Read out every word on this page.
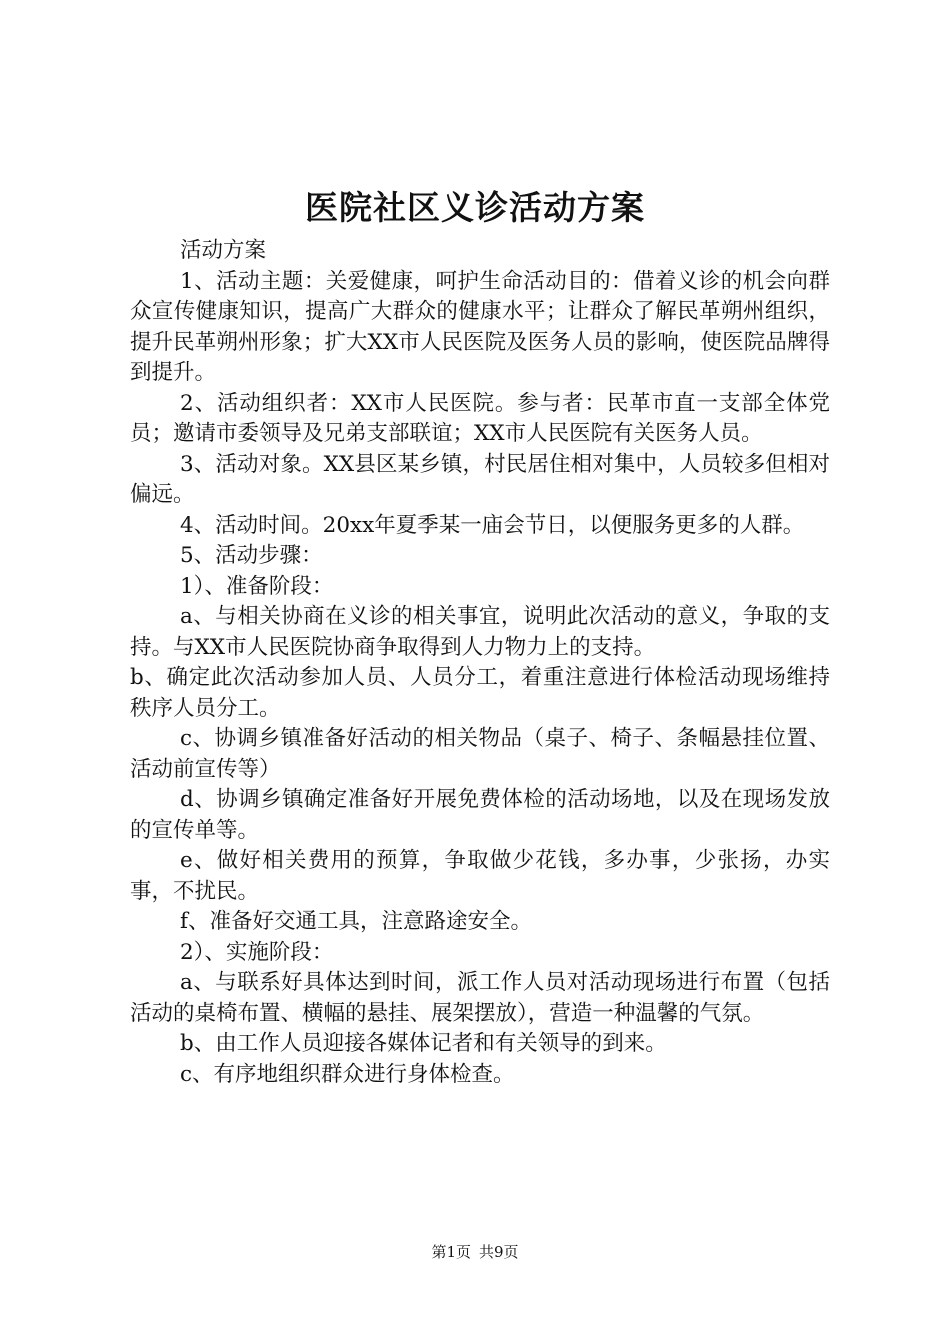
医院社区义诊活动方案

活动方案

1、活动主题：关爱健康，呵护生命活动目的：借着义诊的机会向群众宣传健康知识，提高广大群众的健康水平；让群众了解民革朔州组织，提升民革朔州形象；扩大XX市人民医院及医务人员的影响，使医院品牌得到提升。

2、活动组织者：XX市人民医院。参与者：民革市直一支部全体党员；邀请市委领导及兄弟支部联谊；XX市人民医院有关医务人员。

3、活动对象。XX县区某乡镇，村民居住相对集中，人员较多但相对偏远。

4、活动时间。20xx年夏季某一庙会节日，以便服务更多的人群。

5、活动步骤：

1）、准备阶段：

a、与相关协商在义诊的相关事宜，说明此次活动的意义，争取的支持。与XX市人民医院协商争取得到人力物力上的支持。

b、确定此次活动参加人员、人员分工，着重注意进行体检活动现场维持秩序人员分工。

c、协调乡镇准备好活动的相关物品（桌子、椅子、条幅悬挂位置、活动前宣传等）

d、协调乡镇确定准备好开展免费体检的活动场地，以及在现场发放的宣传单等。

e、做好相关费用的预算，争取做少花钱，多办事，少张扬，办实事，不扰民。

f、准备好交通工具，注意路途安全。

2）、实施阶段：

a、与联系好具体达到时间，派工作人员对活动现场进行布置（包括活动的桌椅布置、横幅的悬挂、展架摆放），营造一种温馨的气氛。

b、由工作人员迎接各媒体记者和有关领导的到来。

c、有序地组织群众进行身体检查。

第1页 共9页
